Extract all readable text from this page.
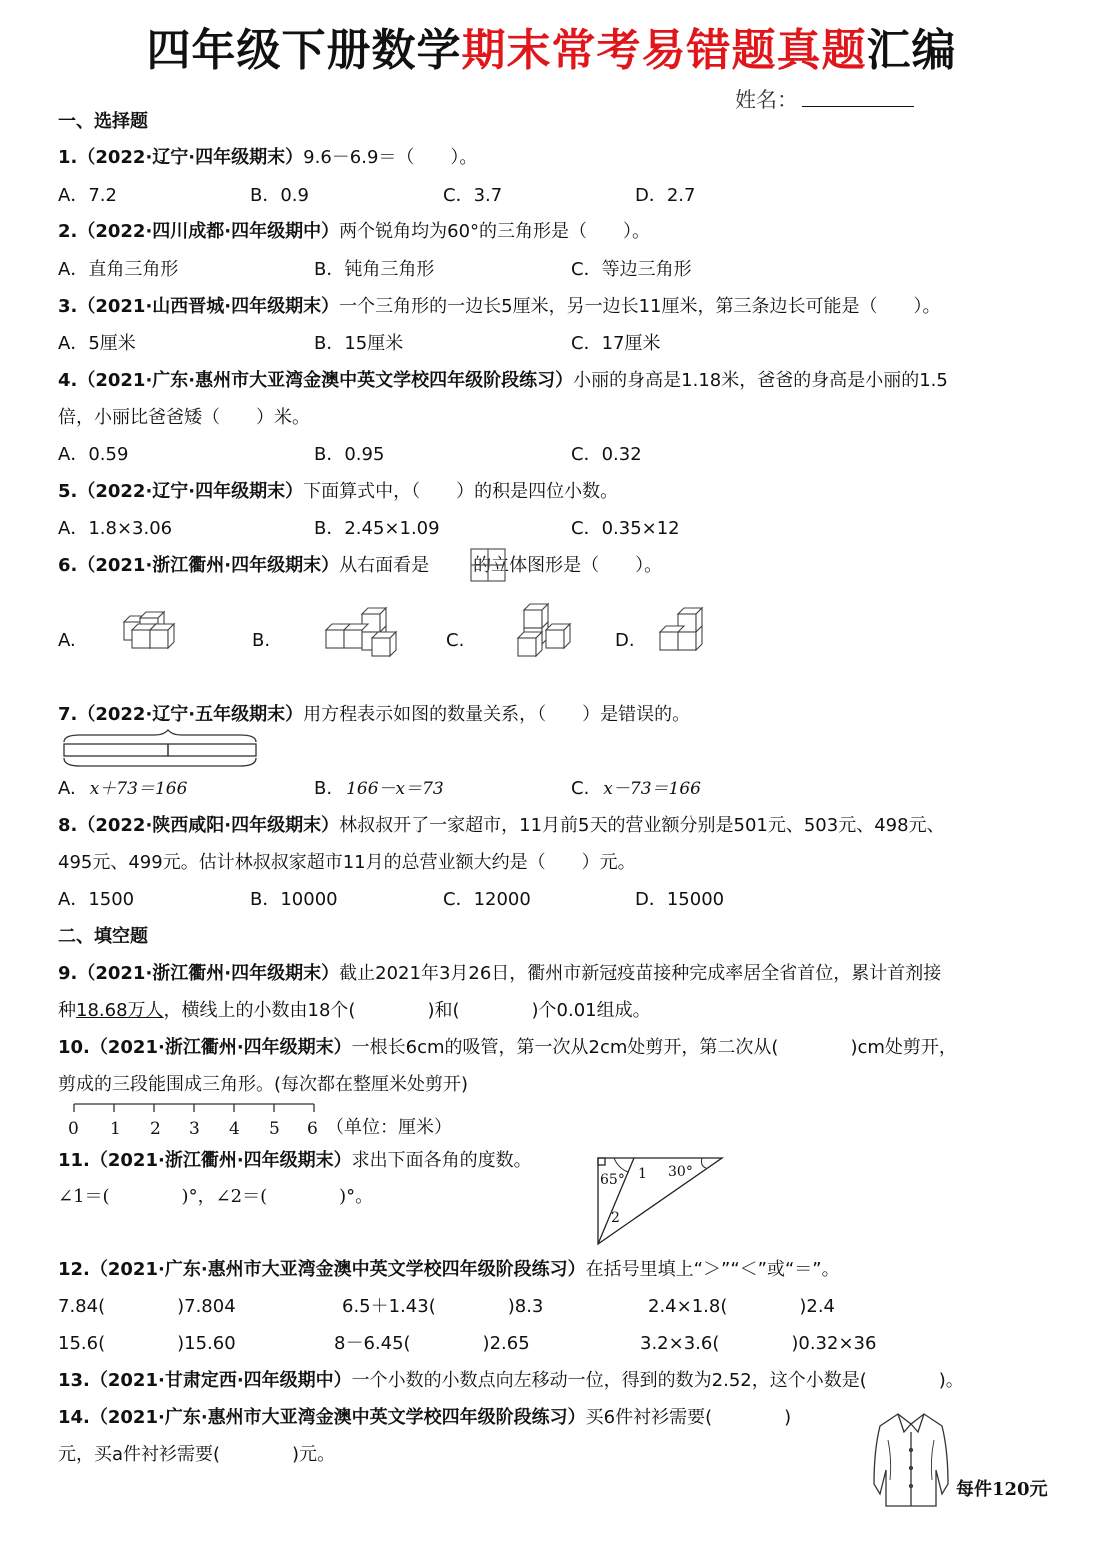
四年级下册数学期末常考易错题真题汇编
姓名：
一、选择题
1.（2022·辽宁·四年级期末）9.6－6.9＝（　　）。
A．7.2	B．0.9	C．3.7	D．2.7
2.（2022·四川成都·四年级期中）两个锐角均为60°的三角形是（　　）。
A．直角三角形	B．钝角三角形	C．等边三角形
3.（2021·山西晋城·四年级期末）一个三角形的一边长5厘米，另一边长11厘米，第三条边长可能是（　　）。
A．5厘米	B．15厘米	C．17厘米
4.（2021·广东·惠州市大亚湾金澳中英文学校四年级阶段练习）小丽的身高是1.18米，爸爸的身高是小丽的1.5
倍，小丽比爸爸矮（　　）米。
A．0.59	B．0.95	C．0.32
5.（2022·辽宁·四年级期末）下面算式中，（　　）的积是四位小数。
A．1.8×3.06	B．2.45×1.09	C．0.35×12
6.（2021·浙江衢州·四年级期末）从右面看是 的立体图形是（　　）。
A.	B.	C.	D.
7.（2022·辽宁·五年级期末）用方程表示如图的数量关系，（　　）是错误的。
A. x＋73＝166	B. 166－x＝73	C. x－73＝166
8.（2022·陕西咸阳·四年级期末）林叔叔开了一家超市，11月前5天的营业额分别是501元、503元、498元、
495元、499元。估计林叔叔家超市11月的总营业额大约是（　　）元。
A．1500	B．10000	C．12000	D．15000
二、填空题
9.（2021·浙江衢州·四年级期末）截止2021年3月26日，衢州市新冠疫苗接种完成率居全省首位，累计首剂接
种18.68万人，横线上的小数由18个(　　　　)和(　　　　)个0.01组成。
10.（2021·浙江衢州·四年级期末）一根长6cm的吸管，第一次从2cm处剪开，第二次从(　　　　)cm处剪开，
剪成的三段能围成三角形。(每次都在整厘米处剪开)
0 1 2 3 4 5 6 （单位：厘米）
11.（2021·浙江衢州·四年级期末）求出下面各角的度数。
∠1＝(　　　　)°，∠2＝(　　　　)°。
65° 1 30°
2
12.（2021·广东·惠州市大亚湾金澳中英文学校四年级阶段练习）在括号里填上“＞”“＜”或“＝”。
7.84(　　　　)7.804	6.5＋1.43(　　　　)8.3	2.4×1.8(　　　　)2.4
15.6(　　　　)15.60	8－6.45(　　　　)2.65	3.2×3.6(　　　　)0.32×36
13.（2021·甘肃定西·四年级期中）一个小数的小数点向左移动一位，得到的数为2.52，这个小数是(　　　　)。
14.（2021·广东·惠州市大亚湾金澳中英文学校四年级阶段练习）买6件衬衫需要(　　　　)
元，买a件衬衫需要(　　　　)元。
每件120元
